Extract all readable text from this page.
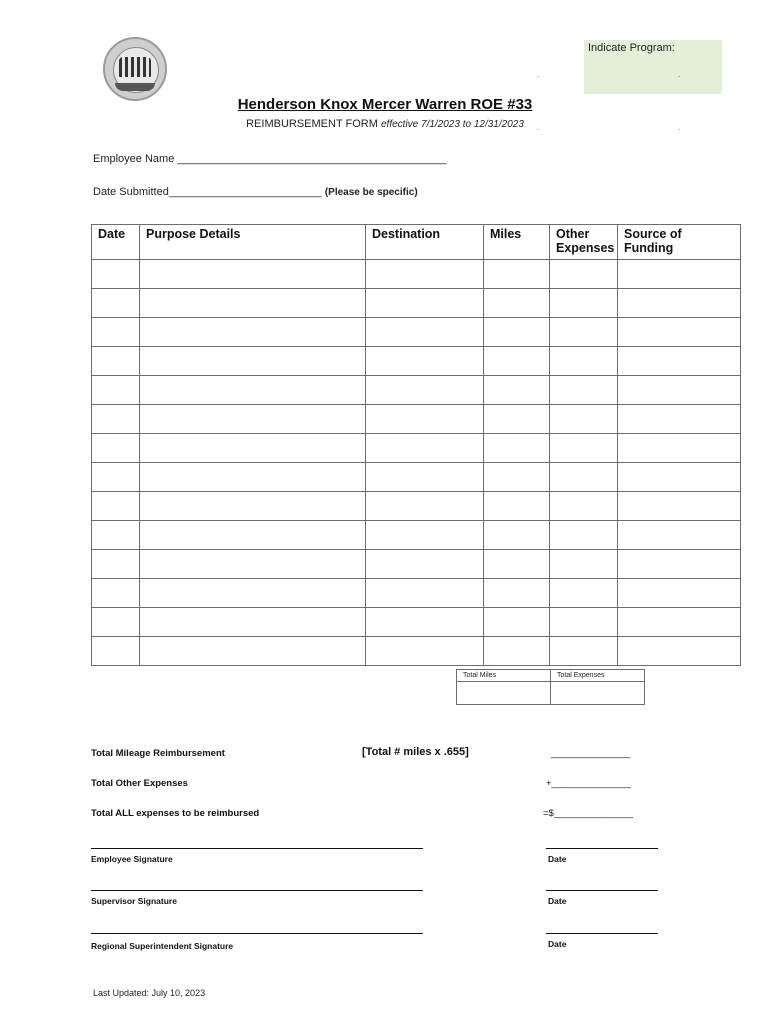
Indicate Program:
.	.
.	.
Henderson Knox Mercer Warren ROE #33
REIMBURSEMENT FORM effective 7/1/2023 to 12/31/2023
Employee Name ____________________________________________
Date Submitted_________________________ (Please be specific)
Date	Purpose Details	Destination	Miles	Other Expenses	Source of Funding

Total Miles	Total Expenses

Total Mileage Reimbursement	[Total # miles x .655]	_______________
Total Other Expenses	+_______________
Total ALL expenses to be reimbursed	=$_______________
Employee Signature	Date
Supervisor Signature	Date
Regional Superintendent Signature	Date
Last Updated: July 10, 2023
